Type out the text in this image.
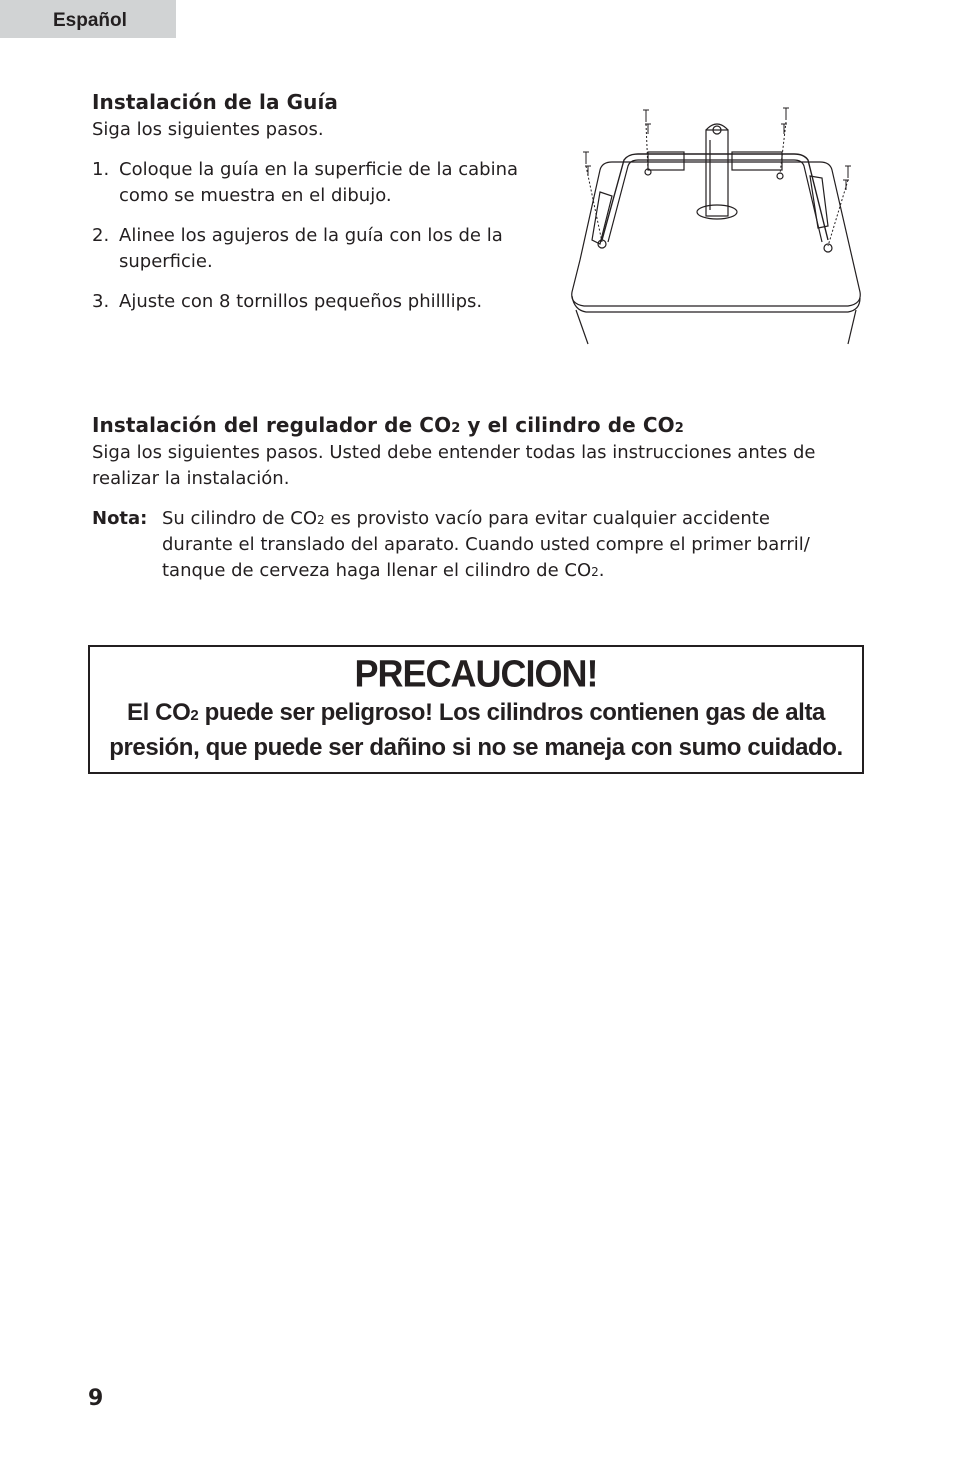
Español
Instalación de la Guía
Siga los siguientes pasos.
1. Coloque la guía en la superficie de la cabina
como se muestra en el dibujo.
2. Alinee los agujeros de la guía con los de la
superficie.
3. Ajuste con 8 tornillos pequeños philllips.
Instalación del regulador de CO2 y el cilindro de CO2
Siga los siguientes pasos. Usted debe entender todas las instrucciones antes de
realizar la instalación.
Nota: Su cilindro de CO2 es provisto vacío para evitar cualquier accidente
durante el translado del aparato. Cuando usted compre el primer barril/
tanque de cerveza haga llenar el cilindro de CO2.
PRECAUCION!
El CO2 puede ser peligroso! Los cilindros contienen gas de alta
presión, que puede ser dañino si no se maneja con sumo cuidado.
9
